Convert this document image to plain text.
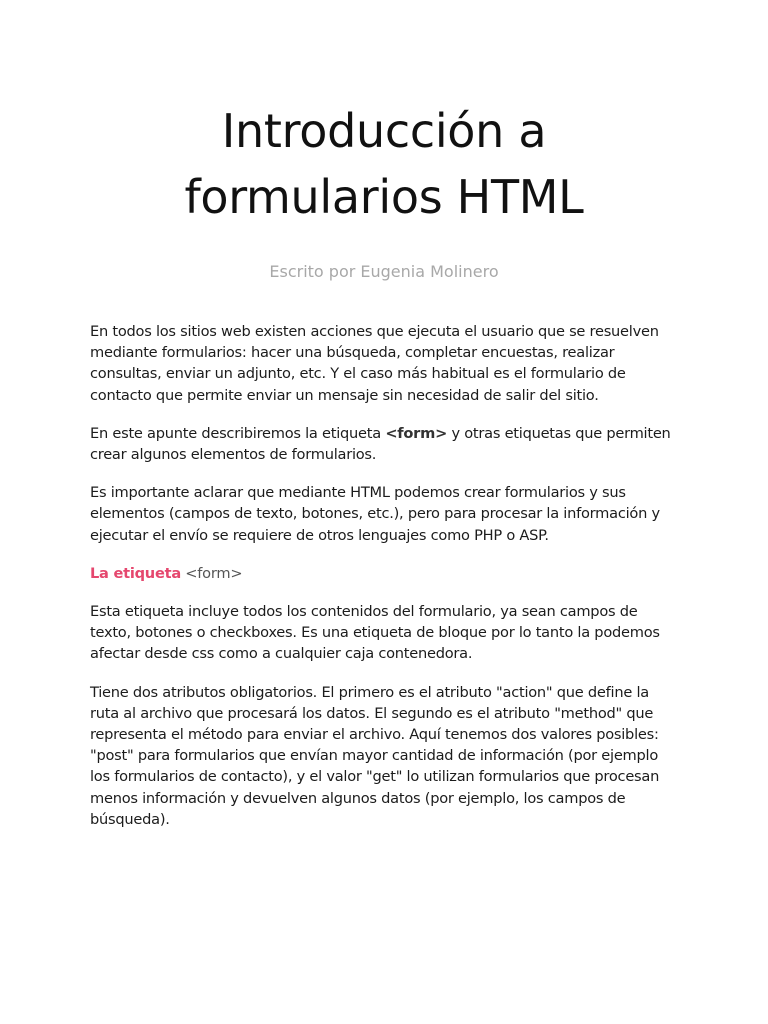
Introducción a
formularios HTML

Escrito por Eugenia Molinero

En todos los sitios web existen acciones que ejecuta el usuario que se resuelven mediante formularios: hacer una búsqueda, completar encuestas, realizar consultas, enviar un adjunto, etc. Y el caso más habitual es el formulario de contacto que permite enviar un mensaje sin necesidad de salir del sitio.

En este apunte describiremos la etiqueta <form> y otras etiquetas que permiten crear algunos elementos de formularios.

Es importante aclarar que mediante HTML podemos crear formularios y sus elementos (campos de texto, botones, etc.), pero para procesar la información y ejecutar el envío se requiere de otros lenguajes como PHP o ASP.

La etiqueta <form>

Esta etiqueta incluye todos los contenidos del formulario, ya sean campos de texto, botones o checkboxes. Es una etiqueta de bloque por lo tanto la podemos afectar desde css como a cualquier caja contenedora.

Tiene dos atributos obligatorios. El primero es el atributo "action" que define la ruta al archivo que procesará los datos. El segundo es el atributo "method" que representa el método para enviar el archivo. Aquí tenemos dos valores posibles: "post" para formularios que envían mayor cantidad de información (por ejemplo los formularios de contacto), y el valor "get" lo utilizan formularios que procesan menos información y devuelven algunos datos (por ejemplo, los campos de búsqueda).
